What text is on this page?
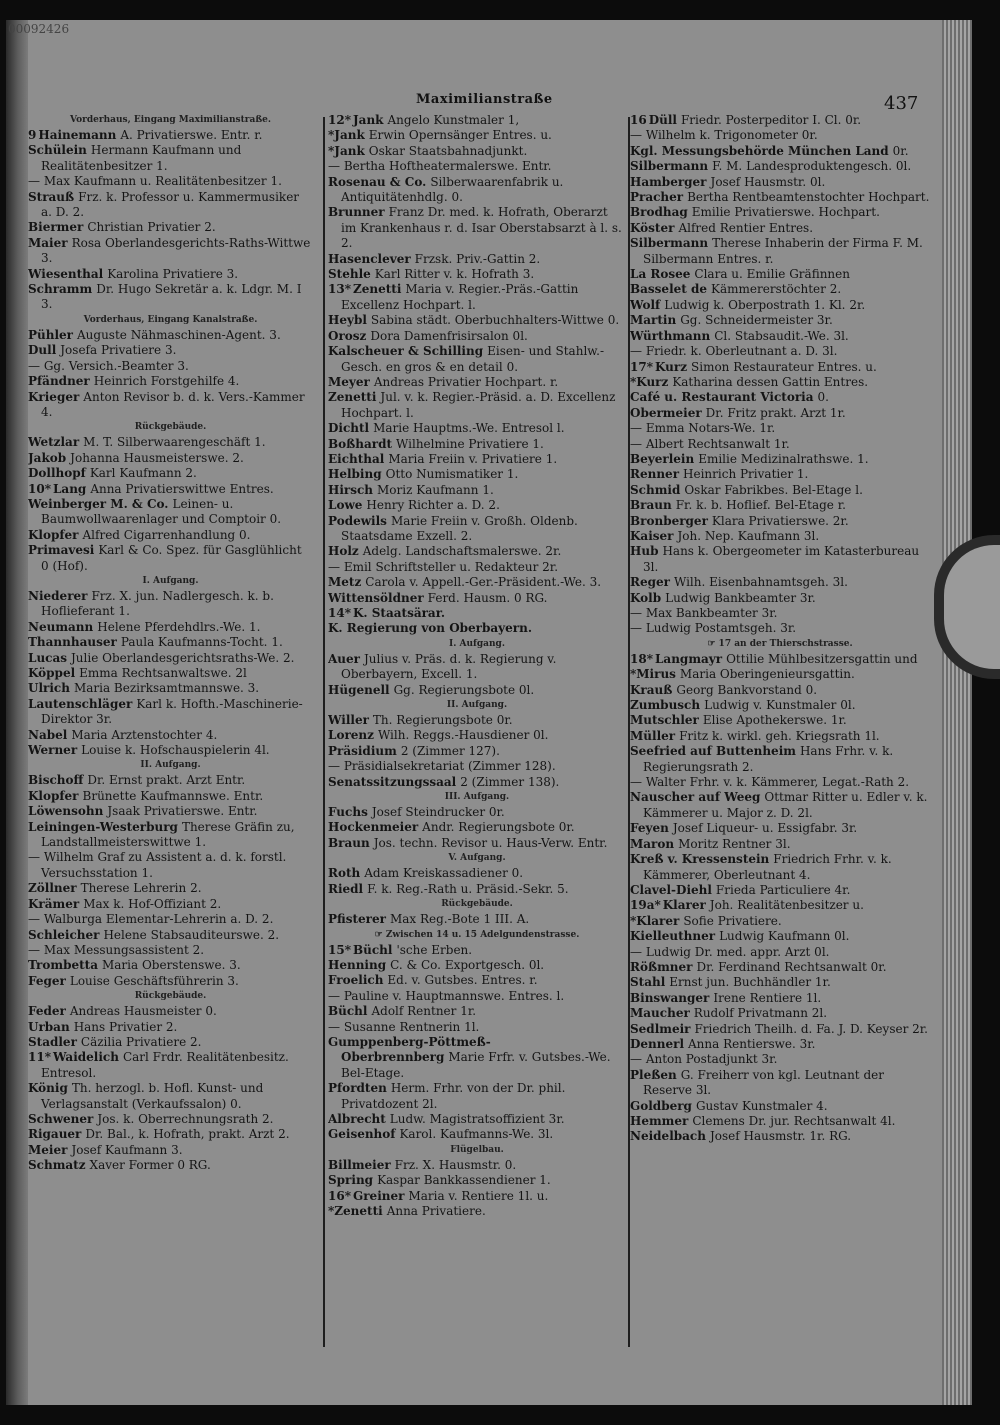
00092426
Maximilianstraße	437
Vorderhaus, Eingang Maximilianstraße.
9 Hainemann A. Privatierswe. Entr. r.
Schülein Hermann Kaufmann und Realitätenbesitzer 1.
— Max Kaufmann u. Realitätenbesitzer 1.
Strauß Frz. k. Professor u. Kammermusiker a. D. 2.
Biermer Christian Privatier 2.
Maier Rosa Oberlandesgerichts-Raths-Wittwe 3.
Wiesenthal Karolina Privatiere 3.
Schramm Dr. Hugo Sekretär a. k. Ldgr. M. I 3.
Vorderhaus, Eingang Kanalstraße.
Pühler Auguste Nähmaschinen-Agent. 3.
Dull Josefa Privatiere 3.
— Gg. Versich.-Beamter 3.
Pfändner Heinrich Forstgehilfe 4.
Krieger Anton Revisor b. d. k. Vers.-Kammer 4.
Rückgebäude.
Wetzlar M. T. Silberwaarengeschäft 1.
Jakob Johanna Hausmeisterswe. 2.
Dollhopf Karl Kaufmann 2.
10* Lang Anna Privatierswittwe Entres.
Weinberger M. & Co. Leinen- u. Baumwollwaarenlager und Comptoir 0.
Klopfer Alfred Cigarrenhandlung 0.
Primavesi Karl & Co. Spez. für Gasglühlicht 0 (Hof).
I. Aufgang.
Niederer Frz. X. jun. Nadlergesch. k. b. Hoflieferant 1.
Neumann Helene Pferdehdlrs.-We. 1.
Thannhauser Paula Kaufmanns-Tocht. 1.
Lucas Julie Oberlandesgerichtsraths-We. 2.
Köppel Emma Rechtsanwaltswe. 2l
Ulrich Maria Bezirksamtmannswe. 3.
Lautenschläger Karl k. Hofth.-Maschinerie-Direktor 3r.
Nabel Maria Arztenstochter 4.
Werner Louise k. Hofschauspielerin 4l.
II. Aufgang.
Bischoff Dr. Ernst prakt. Arzt Entr.
Klopfer Brünette Kaufmannswe. Entr.
Löwensohn Jsaak Privatierswe. Entr.
Leiningen-Westerburg Therese Gräfin zu, Landstallmeisterswittwe 1.
— Wilhelm Graf zu Assistent a. d. k. forstl. Versuchsstation 1.
Zöllner Therese Lehrerin 2.
Krämer Max k. Hof-Offiziant 2.
— Walburga Elementar-Lehrerin a. D. 2.
Schleicher Helene Stabsauditeurswe. 2.
— Max Messungsassistent 2.
Trombetta Maria Oberstenswe. 3.
Feger Louise Geschäftsführerin 3.
Rückgebäude.
Feder Andreas Hausmeister 0.
Urban Hans Privatier 2.
Stadler Cäzilia Privatiere 2.
11* Waidelich Carl Frdr. Realitätenbesitz. Entresol.
König Th. herzogl. b. Hofl. Kunst- und Verlagsanstalt (Verkaufssalon) 0.
Schwener Jos. k. Oberrechnungsrath 2.
Rigauer Dr. Bal., k. Hofrath, prakt. Arzt 2.
Meier Josef Kaufmann 3.
Schmatz Xaver Former 0 RG.
12* Jank Angelo Kunstmaler 1,
*Jank Erwin Opernsänger Entres. u.
*Jank Oskar Staatsbahnadjunkt.
— Bertha Hoftheatermalerswe. Entr.
Rosenau & Co. Silberwaarenfabrik u. Antiquitätenhdlg. 0.
Brunner Franz Dr. med. k. Hofrath, Oberarzt im Krankenhaus r. d. Isar Oberstabsarzt à l. s. 2.
Hasenclever Frzsk. Priv.-Gattin 2.
Stehle Karl Ritter v. k. Hofrath 3.
13* Zenetti Maria v. Regier.-Präs.-Gattin Excellenz Hochpart. l.
Heybl Sabina städt. Oberbuchhalters-Wittwe 0.
Orosz Dora Damenfrisirsalon 0l.
Kalscheuer & Schilling Eisen- und Stahlw.-Gesch. en gros & en detail 0.
Meyer Andreas Privatier Hochpart. r.
Zenetti Jul. v. k. Regier.-Präsid. a. D. Excellenz Hochpart. l.
Dichtl Marie Hauptms.-We. Entresol l.
Boßhardt Wilhelmine Privatiere 1.
Eichthal Maria Freiin v. Privatiere 1.
Helbing Otto Numismatiker 1.
Hirsch Moriz Kaufmann 1.
Lowe Henry Richter a. D. 2.
Podewils Marie Freiin v. Großh. Oldenb. Staatsdame Exzell. 2.
Holz Adelg. Landschaftsmalerswe. 2r.
— Emil Schriftsteller u. Redakteur 2r.
Metz Carola v. Appell.-Ger.-Präsident.-We. 3.
Wittensöldner Ferd. Hausm. 0 RG.
14* K. Staatsärar.
K. Regierung von Oberbayern.
I. Aufgang.
Auer Julius v. Präs. d. k. Regierung v. Oberbayern, Excell. 1.
Hügenell Gg. Regierungsbote 0l.
II. Aufgang.
Willer Th. Regierungsbote 0r.
Lorenz Wilh. Reggs.-Hausdiener 0l.
Präsidium 2 (Zimmer 127).
— Präsidialsekretariat (Zimmer 128).
Senatssitzungssaal 2 (Zimmer 138).
III. Aufgang.
Fuchs Josef Steindrucker 0r.
Hockenmeier Andr. Regierungsbote 0r.
Braun Jos. techn. Revisor u. Haus-Verw. Entr.
V. Aufgang.
Roth Adam Kreiskassadiener 0.
Riedl F. k. Reg.-Rath u. Präsid.-Sekr. 5.
Rückgebäude.
Pfisterer Max Reg.-Bote 1 III. A.
☞ Zwischen 14 u. 15 Adelgundenstrasse.
15* Büchl 'sche Erben.
Henning C. & Co. Exportgesch. 0l.
Froelich Ed. v. Gutsbes. Entres. r.
— Pauline v. Hauptmannswe. Entres. l.
Büchl Adolf Rentner 1r.
— Susanne Rentnerin 1l.
Gumppenberg-Pöttmeß-Oberbrennberg Marie Frfr. v. Gutsbes.-We. Bel-Etage.
Pfordten Herm. Frhr. von der Dr. phil. Privatdozent 2l.
Albrecht Ludw. Magistratsoffizient 3r.
Geisenhof Karol. Kaufmanns-We. 3l.
Flügelbau.
Billmeier Frz. X. Hausmstr. 0.
Spring Kaspar Bankkassendiener 1.
16* Greiner Maria v. Rentiere 1l. u.
*Zenetti Anna Privatiere.
16 Düll Friedr. Posterpeditor I. Cl. 0r.
— Wilhelm k. Trigonometer 0r.
Kgl. Messungsbehörde München Land 0r.
Silbermann F. M. Landesproduktengesch. 0l.
Hamberger Josef Hausmstr. 0l.
Pracher Bertha Rentbeamtenstochter Hochpart.
Brodhag Emilie Privatierswe. Hochpart.
Köster Alfred Rentier Entres.
Silbermann Therese Inhaberin der Firma F. M. Silbermann Entres. r.
La Rosee Clara u. Emilie Gräfinnen
Basselet de Kämmererstöchter 2.
Wolf Ludwig k. Oberpostrath 1. Kl. 2r.
Martin Gg. Schneidermeister 3r.
Würthmann Cl. Stabsaudit.-We. 3l.
— Friedr. k. Oberleutnant a. D. 3l.
17* Kurz Simon Restaurateur Entres. u.
*Kurz Katharina dessen Gattin Entres.
Café u. Restaurant Victoria 0.
Obermeier Dr. Fritz prakt. Arzt 1r.
— Emma Notars-We. 1r.
— Albert Rechtsanwalt 1r.
Beyerlein Emilie Medizinalrathswe. 1.
Renner Heinrich Privatier 1.
Schmid Oskar Fabrikbes. Bel-Etage l.
Braun Fr. k. b. Hoflief. Bel-Etage r.
Bronberger Klara Privatierswe. 2r.
Kaiser Joh. Nep. Kaufmann 3l.
Hub Hans k. Obergeometer im Katasterbureau 3l.
Reger Wilh. Eisenbahnamtsgeh. 3l.
Kolb Ludwig Bankbeamter 3r.
— Max Bankbeamter 3r.
— Ludwig Postamtsgeh. 3r.
☞ 17 an der Thierschstrasse.
18* Langmayr Ottilie Mühlbesitzersgattin und
*Mirus Maria Oberingenieursgattin.
Krauß Georg Bankvorstand 0.
Zumbusch Ludwig v. Kunstmaler 0l.
Mutschler Elise Apothekerswe. 1r.
Müller Fritz k. wirkl. geh. Kriegsrath 1l.
Seefried auf Buttenheim Hans Frhr. v. k. Regierungsrath 2.
— Walter Frhr. v. k. Kämmerer, Legat.-Rath 2.
Nauscher auf Weeg Ottmar Ritter u. Edler v. k. Kämmerer u. Major z. D. 2l.
Feyen Josef Liqueur- u. Essigfabr. 3r.
Maron Moritz Rentner 3l.
Kreß v. Kressenstein Friedrich Frhr. v. k. Kämmerer, Oberleutnant 4.
Clavel-Diehl Frieda Particuliere 4r.
19a* Klarer Joh. Realitätenbesitzer u.
*Klarer Sofie Privatiere.
Kielleuthner Ludwig Kaufmann 0l.
— Ludwig Dr. med. appr. Arzt 0l.
Rößmner Dr. Ferdinand Rechtsanwalt 0r.
Stahl Ernst jun. Buchhändler 1r.
Binswanger Irene Rentiere 1l.
Maucher Rudolf Privatmann 2l.
Sedlmeir Friedrich Theilh. d. Fa. J. D. Keyser 2r.
Dennerl Anna Rentierswe. 3r.
— Anton Postadjunkt 3r.
Pleßen G. Freiherr von kgl. Leutnant der Reserve 3l.
Goldberg Gustav Kunstmaler 4.
Hemmer Clemens Dr. jur. Rechtsanwalt 4l.
Neidelbach Josef Hausmstr. 1r. RG.
